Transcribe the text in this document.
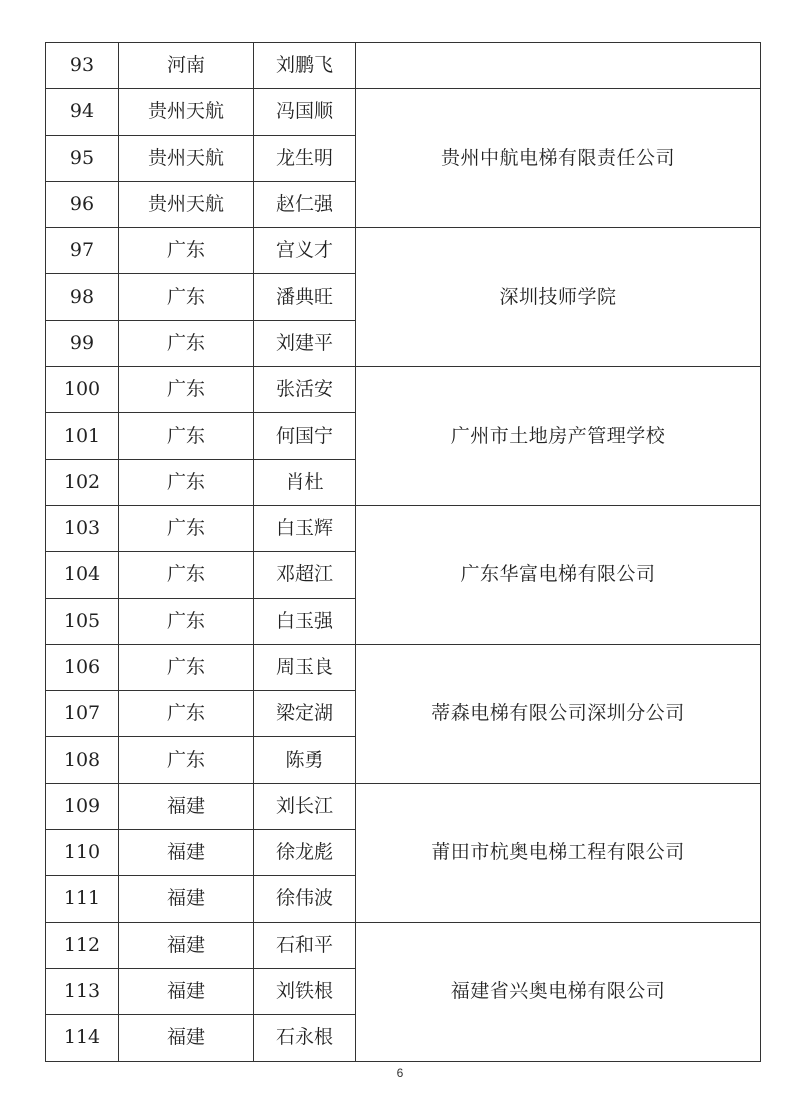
93	河南	刘鹏飞	
94	贵州天航	冯国顺	贵州中航电梯有限责任公司
95	贵州天航	龙生明	
96	贵州天航	赵仁强	
97	广东	宫义才	深圳技师学院
98	广东	潘典旺	
99	广东	刘建平	
100	广东	张活安	广州市土地房产管理学校
101	广东	何国宁	
102	广东	肖杜	
103	广东	白玉辉	广东华富电梯有限公司
104	广东	邓超江	
105	广东	白玉强	
106	广东	周玉良	蒂森电梯有限公司深圳分公司
107	广东	梁定湖	
108	广东	陈勇	
109	福建	刘长江	莆田市杭奥电梯工程有限公司
110	福建	徐龙彪	
111	福建	徐伟波	
112	福建	石和平	福建省兴奥电梯有限公司
113	福建	刘铁根	
114	福建	石永根	
6
